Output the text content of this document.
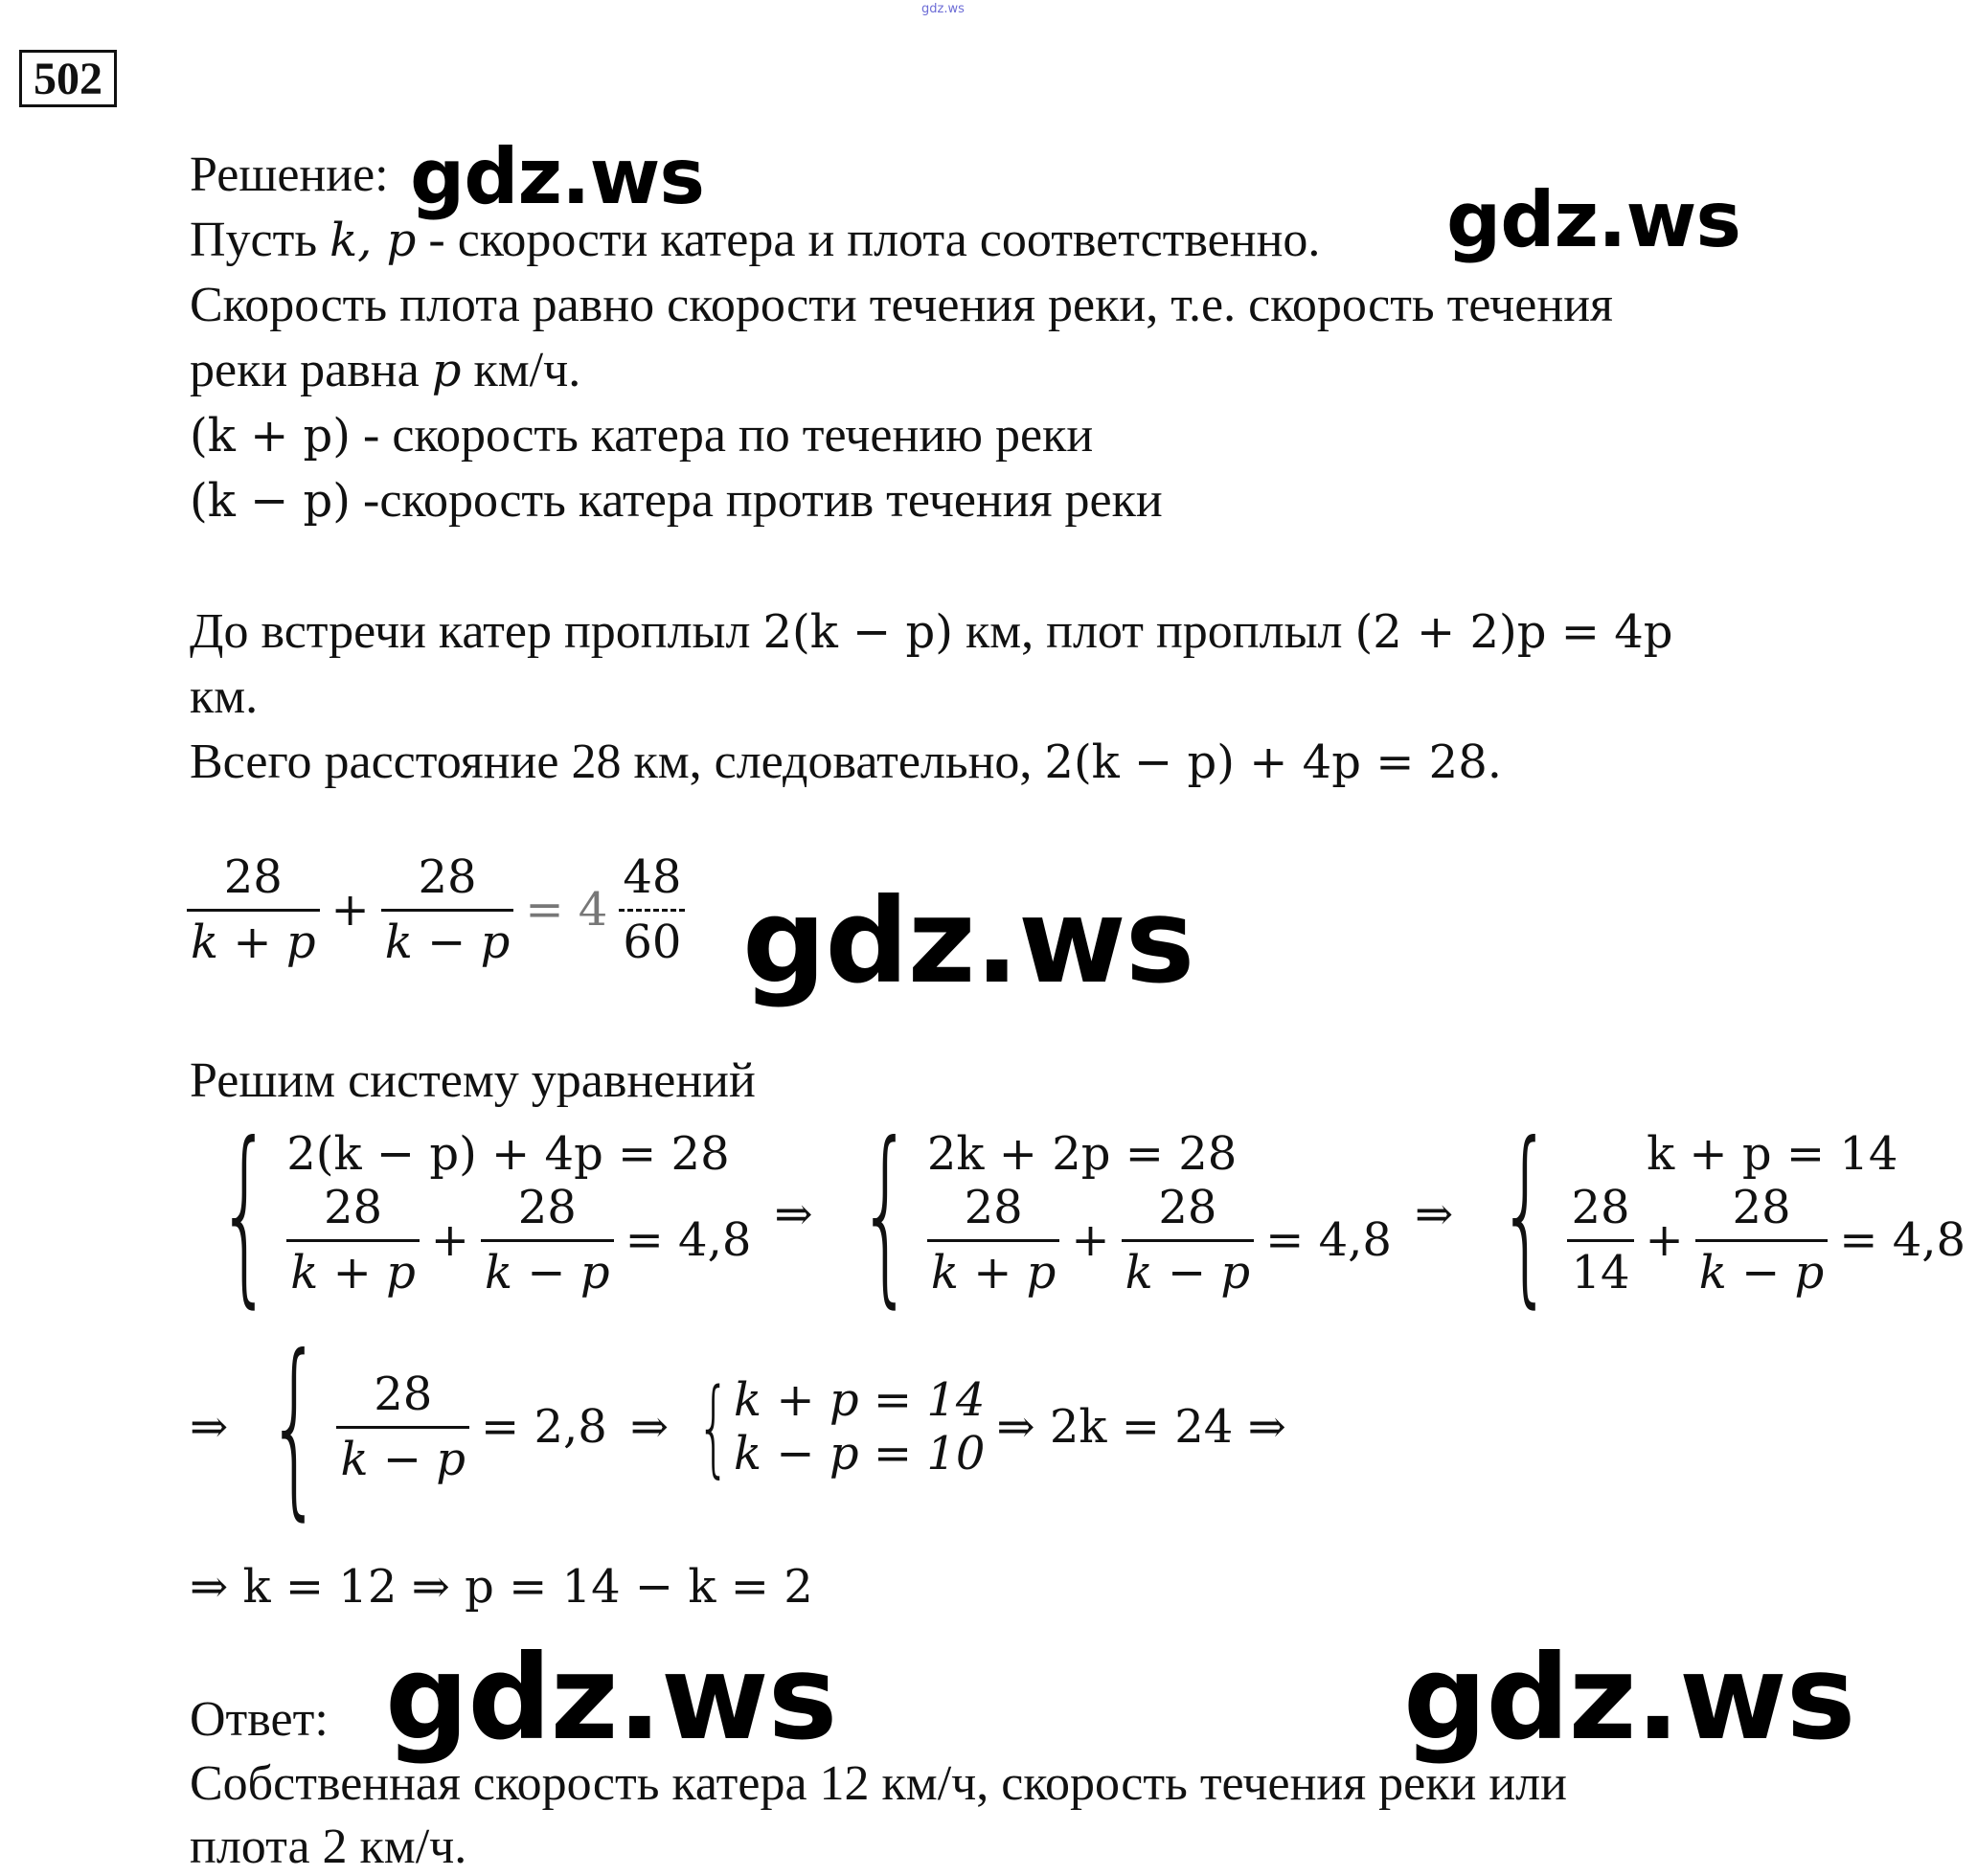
gdz.ws
502
Решение: gdz.ws
Пусть k, p - скорости катера и плота соответственно. gdz.ws
Скорость плота равно скорости течения реки, т.е. скорость течения
реки равна p км/ч.
(k + p) - скорость катера по течению реки
(k − p) -скорость катера против течения реки
До встречи катер проплыл 2(k − p) км, плот проплыл (2 + 2)p = 4p
км.
Всего расстояние 28 км, следовательно, 2(k − p) + 4p = 28.
$\frac{28}{k + p} + \frac{28}{k - p} = 4 \frac{48}{60} gdz.ws$
Решим систему уравнений
{ 2(k − p) + 4p = 28
$\frac{28}{k + p} + \frac{28}{k - p} = 4,8$ ⇒ { 2k + 2p = 28
$\frac{28}{k + p} + \frac{28}{k - p} = 4,8$ ⇒ {	k + p = 14
$\frac{28}{14} + \frac{28}{k - p} = 4,8$
⇒ { $\frac{28}{k - p} = 2,8$ ⇒ { k + p = 14
k − p = 10 ⇒ 2k = 24 ⇒
⇒ k = 12 ⇒ p = 14 − k = 2
Ответ: gdz.ws	gdz.ws
Собственная скорость катера 12 км/ч, скорость течения реки или
плота 2 км/ч.
